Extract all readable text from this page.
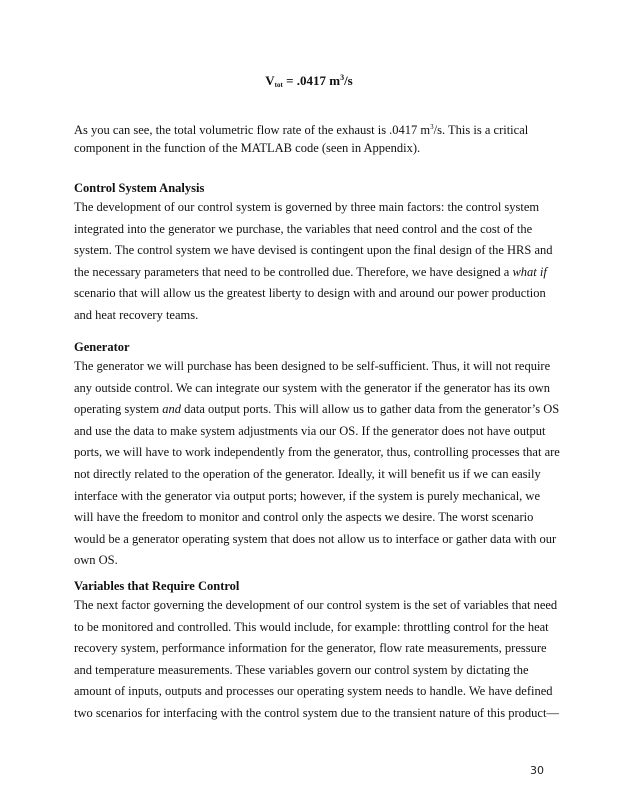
$V_{tot} = .0417$ $m^3/s$
As you can see, the total volumetric flow rate of the exhaust is .0417 $m^3/s$. This is a critical
component in the function of the MATLAB code (seen in Appendix).

Control System Analysis

The development of our control system is governed by three main factors: the control system
integrated into the generator we purchase, the variables that need control and the cost of the
system. The control system we have devised is contingent upon the final design of the HRS and
the necessary parameters that need to be controlled due. Therefore, we have designed a what if
scenario that will allow us the greatest liberty to design with and around our power production
and heat recovery teams.

Generator

The generator we will purchase has been designed to be self-sufficient. Thus, it will not require
any outside control. We can integrate our system with the generator if the generator has its own
operating system and data output ports. This will allow us to gather data from the generator’s OS
and use the data to make system adjustments via our OS. If the generator does not have output
ports, we will have to work independently from the generator, thus, controlling processes that are
not directly related to the operation of the generator. Ideally, it will benefit us if we can easily
interface with the generator via output ports; however, if the system is purely mechanical, we
will have the freedom to monitor and control only the aspects we desire. The worst scenario
would be a generator operating system that does not allow us to interface or gather data with our
own OS.

Variables that Require Control

The next factor governing the development of our control system is the set of variables that need
to be monitored and controlled. This would include, for example: throttling control for the heat
recovery system, performance information for the generator, flow rate measurements, pressure
and temperature measurements. These variables govern our control system by dictating the
amount of inputs, outputs and processes our operating system needs to handle. We have defined
two scenarios for interfacing with the control system due to the transient nature of this product—
30
